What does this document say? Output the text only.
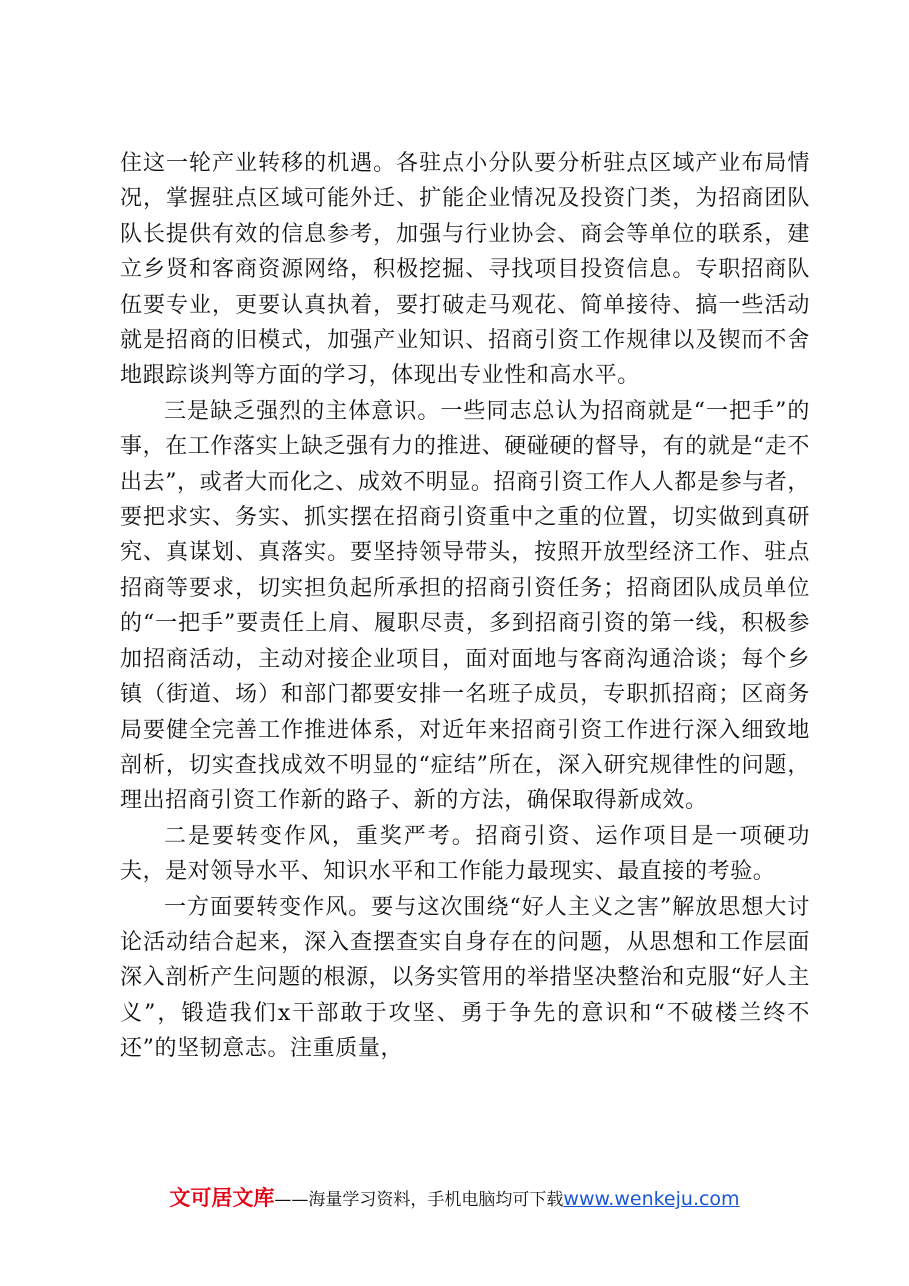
住这一轮产业转移的机遇。各驻点小分队要分析驻点区域产业布局情况，掌握驻点区域可能外迁、扩能企业情况及投资门类，为招商团队队长提供有效的信息参考，加强与行业协会、商会等单位的联系，建立乡贤和客商资源网络，积极挖掘、寻找项目投资信息。专职招商队伍要专业，更要认真执着，要打破走马观花、简单接待、搞一些活动就是招商的旧模式，加强产业知识、招商引资工作规律以及锲而不舍地跟踪谈判等方面的学习，体现出专业性和高水平。

三是缺乏强烈的主体意识。一些同志总认为招商就是“一把手”的事，在工作落实上缺乏强有力的推进、硬碰硬的督导，有的就是“走不出去”，或者大而化之、成效不明显。招商引资工作人人都是参与者，要把求实、务实、抓实摆在招商引资重中之重的位置，切实做到真研究、真谋划、真落实。要坚持领导带头，按照开放型经济工作、驻点招商等要求，切实担负起所承担的招商引资任务；招商团队成员单位的“一把手”要责任上肩、履职尽责，多到招商引资的第一线，积极参加招商活动，主动对接企业项目，面对面地与客商沟通洽谈；每个乡镇（街道、场）和部门都要安排一名班子成员，专职抓招商；区商务局要健全完善工作推进体系，对近年来招商引资工作进行深入细致地剖析，切实查找成效不明显的“症结”所在，深入研究规律性的问题，理出招商引资工作新的路子、新的方法，确保取得新成效。

二是要转变作风，重奖严考。招商引资、运作项目是一项硬功夫，是对领导水平、知识水平和工作能力最现实、最直接的考验。

一方面要转变作风。要与这次围绕“好人主义之害”解放思想大讨论活动结合起来，深入查摆查实自身存在的问题，从思想和工作层面深入剖析产生问题的根源，以务实管用的举措坚决整治和克服“好人主义”，锻造我们x干部敢于攻坚、勇于争先的意识和“不破楼兰终不还”的坚韧意志。注重质量，

文可居文库——海量学习资料，手机电脑均可下载www.wenkeju.com
